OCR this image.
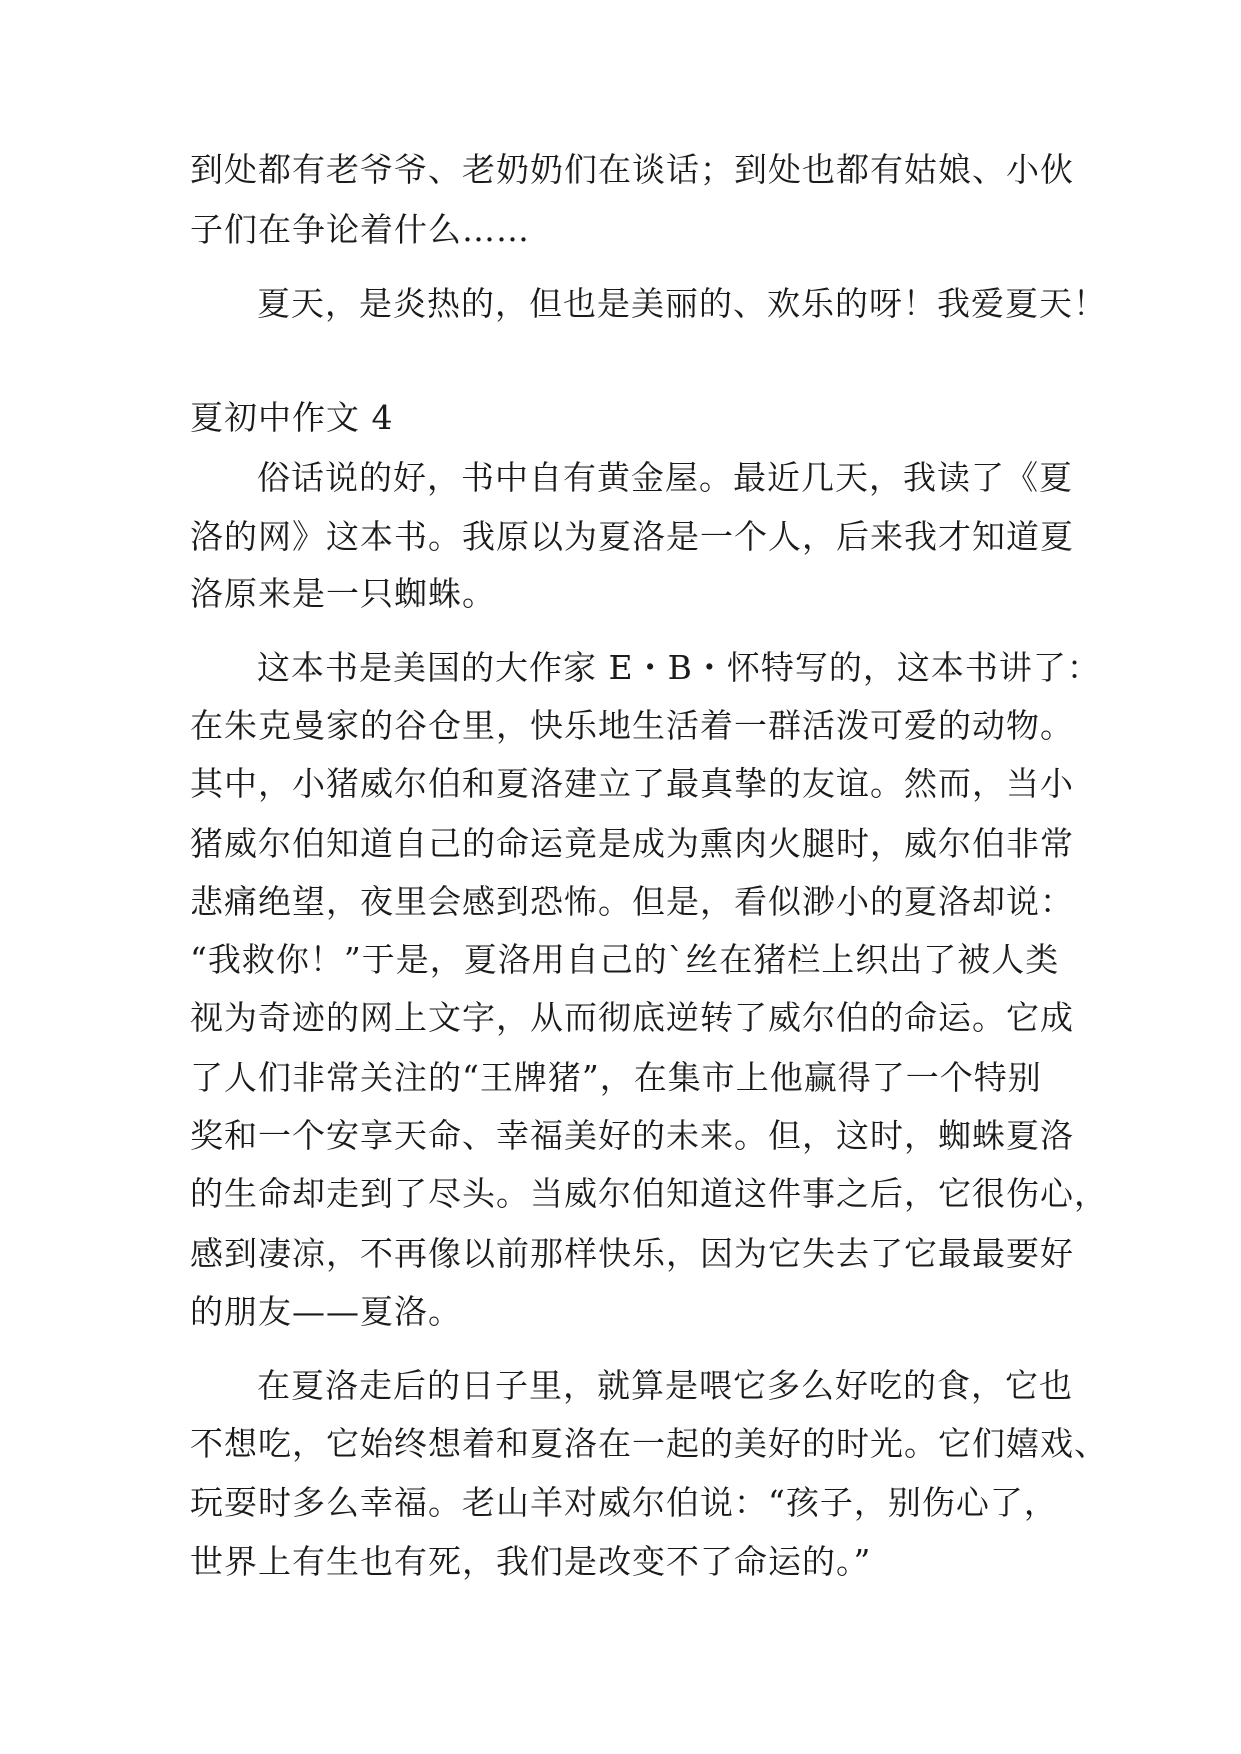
到处都有老爷爷、老奶奶们在谈话；到处也都有姑娘、小伙
子们在争论着什么……
夏天，是炎热的，但也是美丽的、欢乐的呀！我爱夏天！
夏初中作文 4
俗话说的好，书中自有黄金屋。最近几天，我读了《夏
洛的网》这本书。我原以为夏洛是一个人，后来我才知道夏
洛原来是一只蜘蛛。
这本书是美国的大作家 E・B・怀特写的，这本书讲了：
在朱克曼家的谷仓里，快乐地生活着一群活泼可爱的动物。
其中，小猪威尔伯和夏洛建立了最真挚的友谊。然而，当小
猪威尔伯知道自己的命运竟是成为熏肉火腿时，威尔伯非常
悲痛绝望，夜里会感到恐怖。但是，看似渺小的夏洛却说：
“我救你！”于是，夏洛用自己的`丝在猪栏上织出了被人类
视为奇迹的网上文字，从而彻底逆转了威尔伯的命运。它成
了人们非常关注的“王牌猪”，在集市上他赢得了一个特别
奖和一个安享天命、幸福美好的未来。但，这时，蜘蛛夏洛
的生命却走到了尽头。当威尔伯知道这件事之后，它很伤心，
感到凄凉，不再像以前那样快乐，因为它失去了它最最要好
的朋友——夏洛。
在夏洛走后的日子里，就算是喂它多么好吃的食，它也
不想吃，它始终想着和夏洛在一起的美好的时光。它们嬉戏、
玩耍时多么幸福。老山羊对威尔伯说：“孩子，别伤心了，
世界上有生也有死，我们是改变不了命运的。”
